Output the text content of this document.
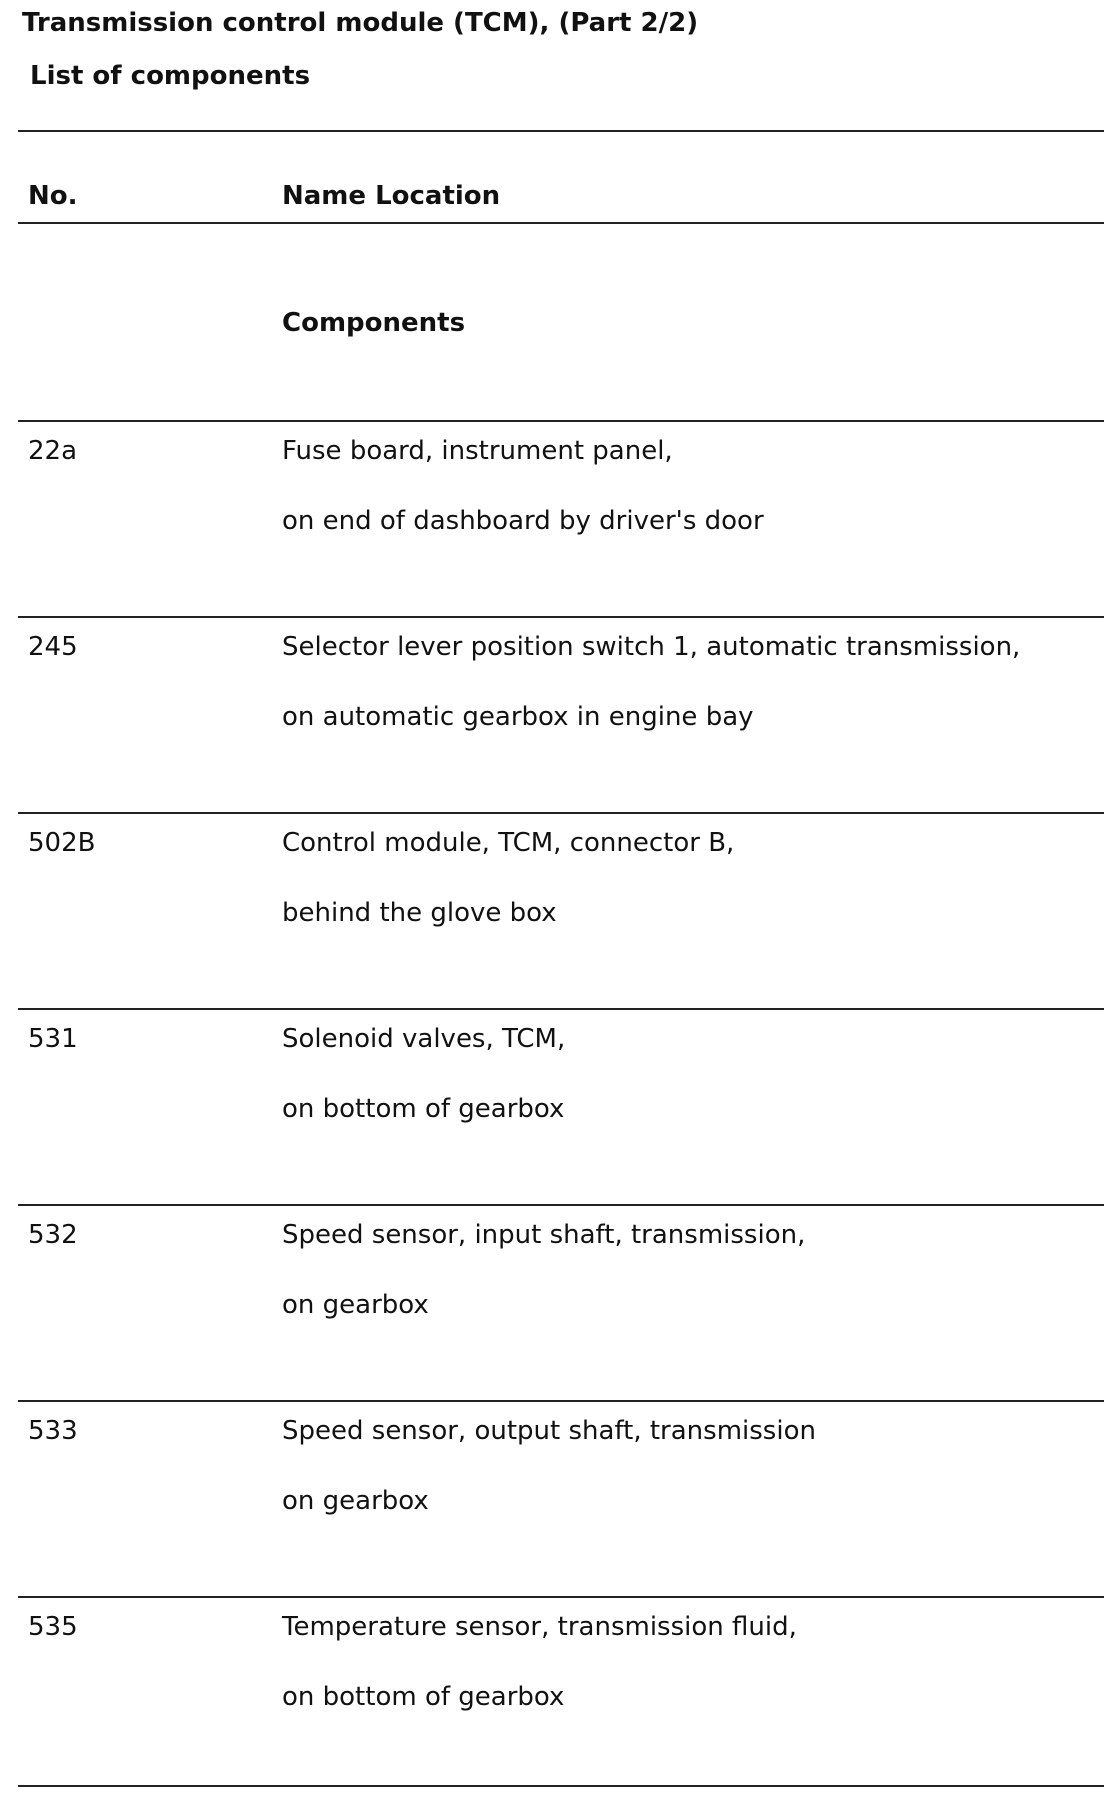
Transmission control module (TCM), (Part 2/2)
List of components
No.	Name Location
Components
22a	Fuse board, instrument panel,
on end of dashboard by driver's door
245	Selector lever position switch 1, automatic transmission,
on automatic gearbox in engine bay
502B	Control module, TCM, connector B,
behind the glove box
531	Solenoid valves, TCM,
on bottom of gearbox
532	Speed sensor, input shaft, transmission,
on gearbox
533	Speed sensor, output shaft, transmission
on gearbox
535	Temperature sensor, transmission fluid,
on bottom of gearbox
